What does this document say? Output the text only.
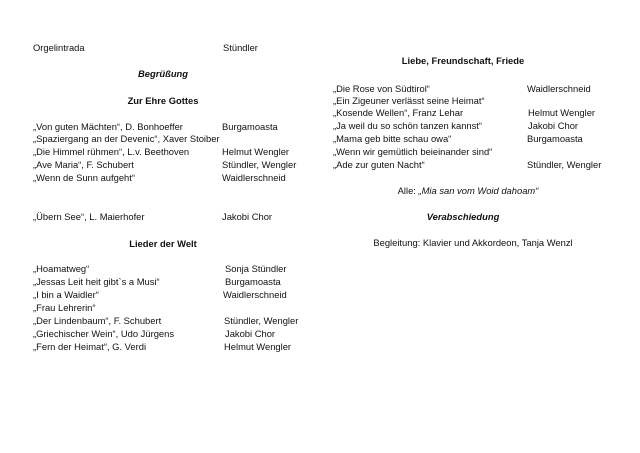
Orgelintrada	Stündler
Begrüßung
Zur Ehre Gottes
„Von guten Mächten“, D. Bonhoeffer	Burgamoasta
„Spaziergang an der Devenic“, Xaver Stoiber
„Die Himmel rühmen“, L.v. Beethoven	Helmut Wengler
„Ave Maria“, F. Schubert	Stündler, Wengler
„Wenn de Sunn aufgeht“	Waidlerschneid
„Übern See“, L. Maierhofer	Jakobi Chor
Lieder der Welt
„Hoamatweg“	Sonja Stündler
„Jessas Leit heit gibt`s a Musi“	Burgamoasta
„I bin a Waidler“	Waidlerschneid
„Frau Lehrerin“
„Der Lindenbaum“, F. Schubert	Stündler, Wengler
„Griechischer Wein“, Udo Jürgens	Jakobi Chor
„Fern der Heimat“, G. Verdi	Helmut Wengler
Liebe, Freundschaft, Friede
„Die Rose von Südtirol“	Waidlerschneid
„Ein Zigeuner verlässt seine Heimat“
„Kosende Wellen“, Franz Lehar	Helmut Wengler
„Ja weil du so schön tanzen kannst“	Jakobi Chor
„Mama geb bitte schau owa“	Burgamoasta
„Wenn wir gemütlich beieinander sind“
„Ade zur guten Nacht“	Stündler, Wengler
Alle: „Mia san vom Woid dahoam“
Verabschiedung
Begleitung: Klavier und Akkordeon, Tanja Wenzl
